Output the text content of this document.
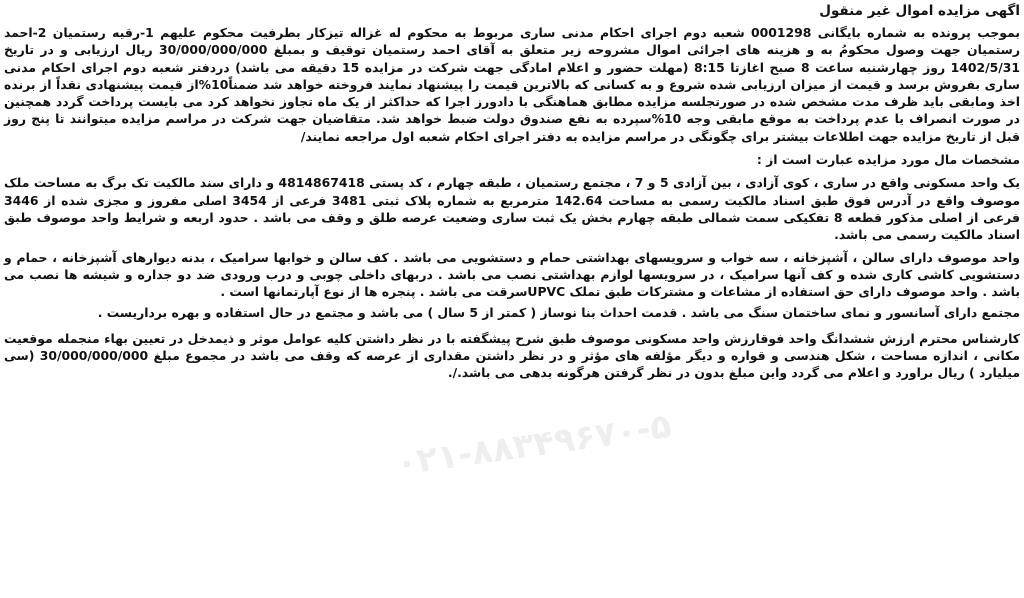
اگهی مزایده اموال غیر منقول

بموجب پرونده به شماره بایگانی 0001298 شعبه دوم اجرای احکام مدنی ساری مربوط به محکوم له غزاله تیزکار بطرفیت محکوم علیهم 1-رقیه رستمیان 2-احمد رستمیان جهت وصول محکومُ به و هزینه های اجرائی اموال مشروحه زیر متعلق به آقای احمد رستمیان توقیف و بمبلغ 30/000/000/000 ریال ارزیابی و در تاریخ 1402/5/31 روز چهارشنبه ساعت 8 صبح اغازتا 8:15 (مهلت حضور و اعلام امادگی جهت شرکت در مزایده 15 دقیقه می باشد) دردفتر شعبه دوم اجرای احکام مدنی ساری بفروش برسد و قیمت از میزان ارزیابی شده شروع و به کسانی که بالاترین قیمت را پیشنهاد نمایند فروخته خواهد شد ضمناً10%از قیمت پیشنهادی نقداً از برنده اخذ ومابقی باید ظرف مدت مشخص شده در صورتجلسه مزایده مطابق هماهنگی با دادورز اجرا که حداکثر از یک ماه تجاوز نخواهد کرد می بایست پرداخت گردد همچنین در صورت انصراف یا عدم پرداخت به موقع مابقی وجه 10%سپرده به نفع صندوق دولت ضبط خواهد شد. متقاضیان جهت شرکت در مراسم مزایده میتوانند تا پنج روز قبل از تاریخ مزایده جهت اطلاعات بیشتر برای چگونگی در مراسم مزایده به دفتر اجرای احکام شعبه اول مراجعه نمایند/

مشخصات مال مورد مزایده عبارت است از :

یک واحد مسکونی واقع در ساری ، کوی آزادی ، بین آزادی 5 و 7 ، مجتمع رستمیان ، طبقه چهارم ، کد پستی 4814867418 و دارای سند مالکیت تک برگ به مساحت ملک موصوف واقع در آدرس فوق طبق اسناد مالکیت رسمی به مساحت 142.64 مترمربع به شماره پلاک ثبتی 3481 فرعی از 3454 اصلی مفروز و مجزی شده از 3446 فرعی از اصلی مذکور قطعه 8 تفکیکی سمت شمالی طبقه چهارم بخش یک ثبت ساری وضعیت عرصه طلق و وقف می باشد . حدود اربعه و شرایط واحد موصوف طبق اسناد مالکیت رسمی می باشد.

واحد موصوف دارای سالن ، آشپزخانه ، سه خواب و سرویسهای بهداشتی حمام و دستشویی می باشد . کف سالن و خوابها سرامیک ، بدنه دیوارهای آشپزخانه ، حمام و دستشویی کاشی کاری شده و کف آنها سرامیک ، در سرویسها لوازم بهداشتی نصب می باشد . دربهای داخلی چوبی و درب ورودی ضد دو جداره و شیشه ها نصب می باشد . واحد موصوف دارای حق استفاده از مشاعات و مشترکات طبق تملک UPVCسرقت می باشد . پنجره ها از نوع آپارتمانها است .

مجتمع دارای آسانسور و نمای ساختمان سنگ می باشد . قدمت احداث بنا نوساز ( کمتر از 5 سال ) می باشد و مجتمع در حال استفاده و بهره برداریست .

کارشناس محترم ارزش ششدانگ واحد فوقارزش واحد مسکونی موصوف طبق شرح پیشگفته با در نظر داشتن کلیه عوامل موثر و ذیمدخل در تعیین بهاء منجمله موقعیت مکانی ، اندازه مساحت ، شکل هندسی و قواره و دیگر مؤلفه های مؤثر و در نظر داشتن مقداری از عرصه که وقف می باشد در مجموع مبلغ 30/000/000/000 (سی میلیارد ) ریال براورد و اعلام می گردد واین مبلغ بدون در نظر گرفتن هرگونه بدهی می باشد./.

۰۲۱-۸۸۳۴۹۶۷۰-۵
